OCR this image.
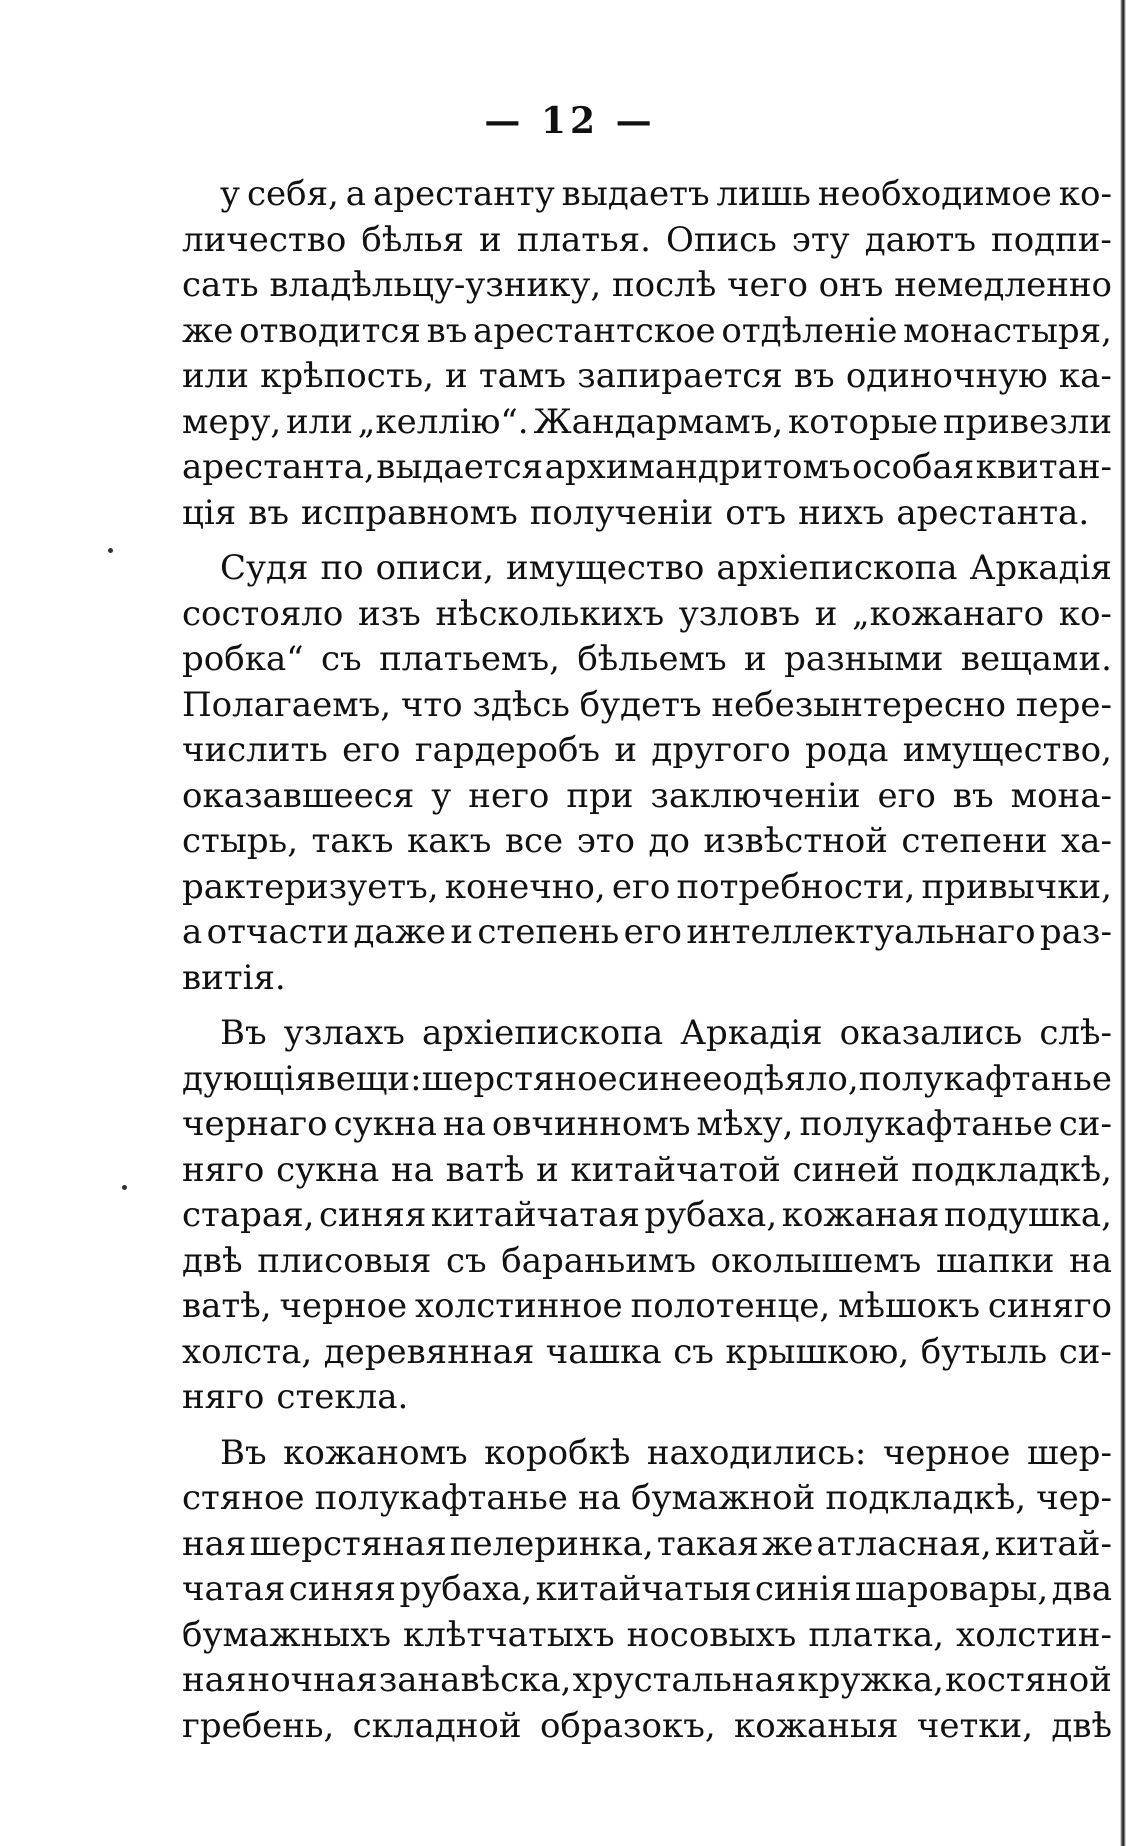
— 12 —
у себя, а арестанту выдаетъ лишь необходимое ко-
личество бѣлья и платья. Опись эту даютъ подпи-
сать владѣльцу-узнику, послѣ чего онъ немедленно
же отводится въ арестантское отдѣленіе монастыря,
или крѣпость, и тамъ запирается въ одиночную ка-
меру, или „келлію“. Жандармамъ, которые привезли
арестанта, выдается архимандритомъ особая квитан-
ція въ исправномъ полученіи отъ нихъ арестанта.
Судя по описи, имущество архіепископа Аркадія
состояло изъ нѣсколькихъ узловъ и „кожанаго ко-
робка“ съ платьемъ, бѣльемъ и разными вещами.
Полагаемъ, что здѣсь будетъ небезынтересно пере-
числить его гардеробъ и другого рода имущество,
оказавшееся у него при заключеніи его въ мона-
стырь, такъ какъ все это до извѣстной степени ха-
рактеризуетъ, конечно, его потребности, привычки,
а отчасти даже и степень его интеллектуальнаго раз-
витія.
Въ узлахъ архіепископа Аркадія оказались слѣ-
дующія вещи: шерстяное синее одѣяло, полукафтанье
чернаго сукна на овчинномъ мѣху, полукафтанье си-
няго сукна на ватѣ и китайчатой синей подкладкѣ,
старая, синяя китайчатая рубаха, кожаная подушка,
двѣ плисовыя съ бараньимъ околышемъ шапки на
ватѣ, черное холстинное полотенце, мѣшокъ синяго
холста, деревянная чашка съ крышкою, бутыль си-
няго стекла.
Въ кожаномъ коробкѣ находились: черное шер-
стяное полукафтанье на бумажной подкладкѣ, чер-
ная шерстяная пелеринка, такая же атласная, китай-
чатая синяя рубаха, китайчатыя синія шаровары, два
бумажныхъ клѣтчатыхъ носовыхъ платка, холстин-
ная ночная занавѣска, хрустальная кружка, костяной
гребень, складной образокъ, кожаныя четки, двѣ
